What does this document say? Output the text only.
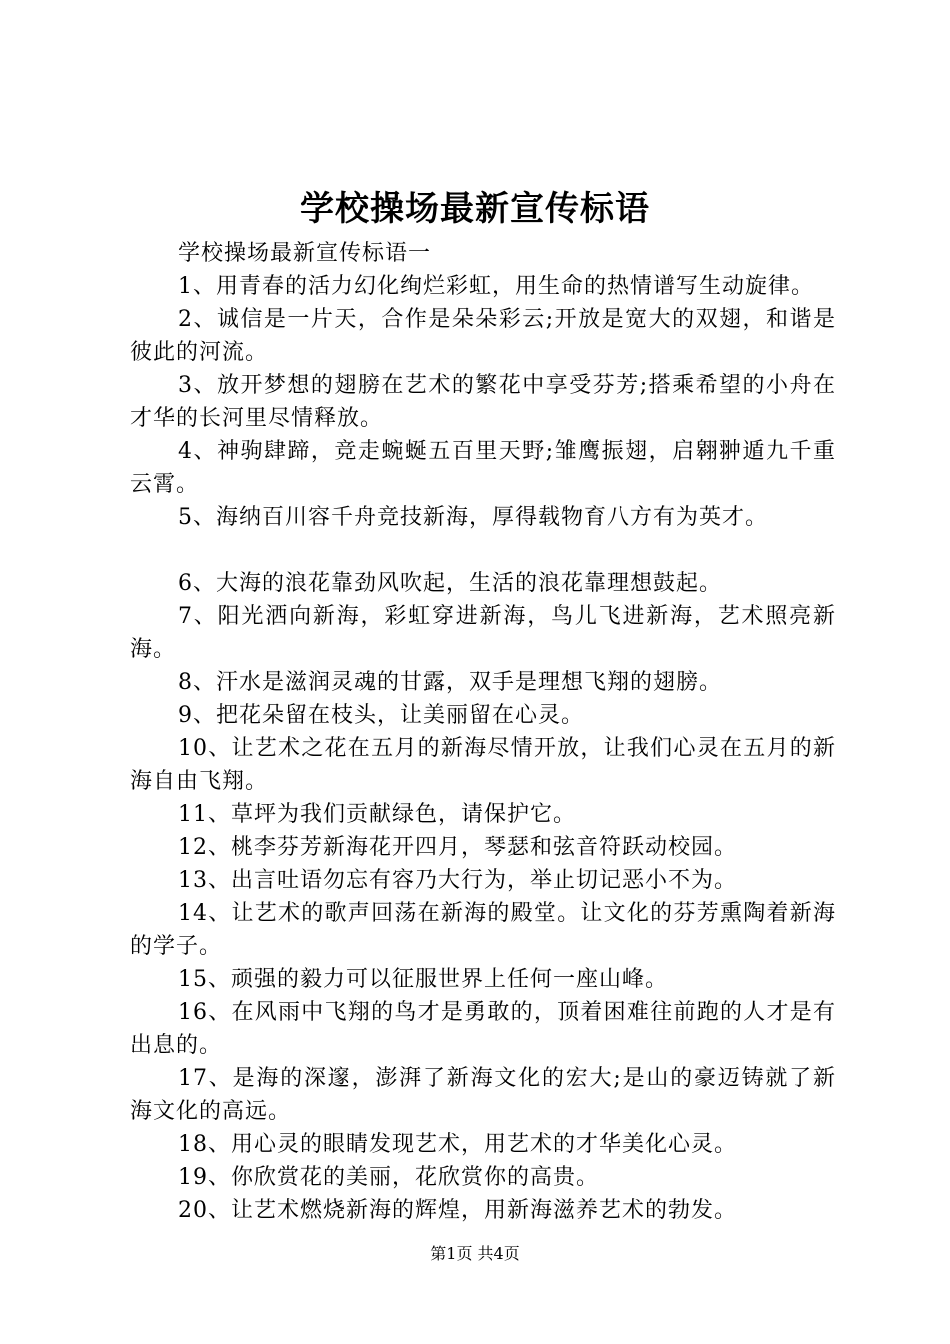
学校操场最新宣传标语

学校操场最新宣传标语一

1、用青春的活力幻化绚烂彩虹，用生命的热情谱写生动旋律。

2、诚信是一片天，合作是朵朵彩云;开放是宽大的双翅，和谐是彼此的河流。

3、放开梦想的翅膀在艺术的繁花中享受芬芳;搭乘希望的小舟在才华的长河里尽情释放。

4、神驹肆蹄，竞走蜿蜒五百里天野;雏鹰振翅，启翱翀遁九千重云霄。

5、海纳百川容千舟竞技新海，厚得载物育八方有为英才。

6、大海的浪花靠劲风吹起，生活的浪花靠理想鼓起。

7、阳光洒向新海，彩虹穿进新海，鸟儿飞进新海，艺术照亮新海。

8、汗水是滋润灵魂的甘露，双手是理想飞翔的翅膀。

9、把花朵留在枝头，让美丽留在心灵。

10、让艺术之花在五月的新海尽情开放，让我们心灵在五月的新海自由飞翔。

11、草坪为我们贡献绿色，请保护它。

12、桃李芬芳新海花开四月，琴瑟和弦音符跃动校园。

13、出言吐语勿忘有容乃大行为，举止切记恶小不为。

14、让艺术的歌声回荡在新海的殿堂。让文化的芬芳熏陶着新海的学子。

15、顽强的毅力可以征服世界上任何一座山峰。

16、在风雨中飞翔的鸟才是勇敢的，顶着困难往前跑的人才是有出息的。

17、是海的深邃，澎湃了新海文化的宏大;是山的豪迈铸就了新海文化的高远。

18、用心灵的眼睛发现艺术，用艺术的才华美化心灵。

19、你欣赏花的美丽，花欣赏你的高贵。

20、让艺术燃烧新海的辉煌，用新海滋养艺术的勃发。

第1页 共4页
